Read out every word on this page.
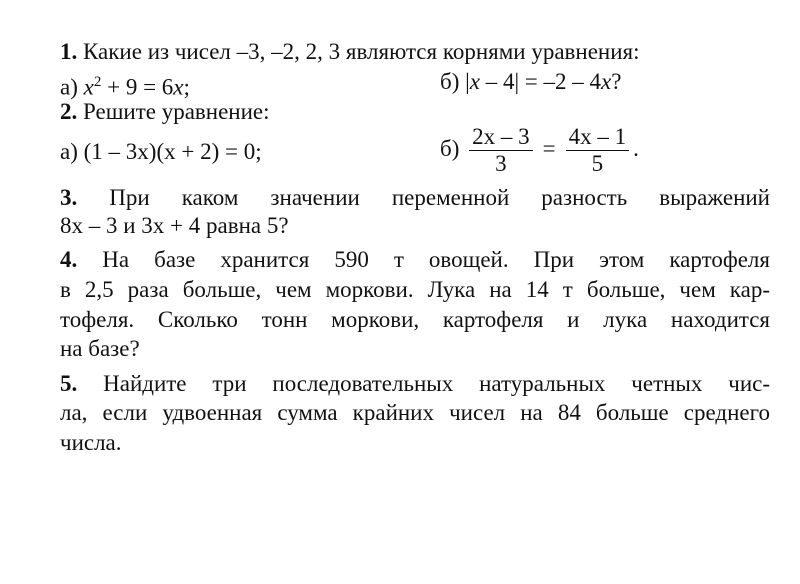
1. Какие из чисел –3, –2, 2, 3 являются корнями уравнения:
а) $x^2 + 9 = 6x$;	б) |x – 4| = –2 – 4x?
2. Решите уравнение:
а) (1 – 3x)(x + 2) = 0;	$б) \frac{2x - 3}{3} = \frac{4x - 1}{5}$ .
3. При каком значении переменной разность выражений
8x – 3 и 3x + 4 равна 5?
4. На базе хранится 590 т овощей. При этом картофеля
в 2,5 раза больше, чем моркови. Лука на 14 т больше, чем кар-
тофеля. Сколько тонн моркови, картофеля и лука находится
на базе?
5. Найдите три последовательных натуральных четных чис-
ла, если удвоенная сумма крайних чисел на 84 больше среднего
числа.
